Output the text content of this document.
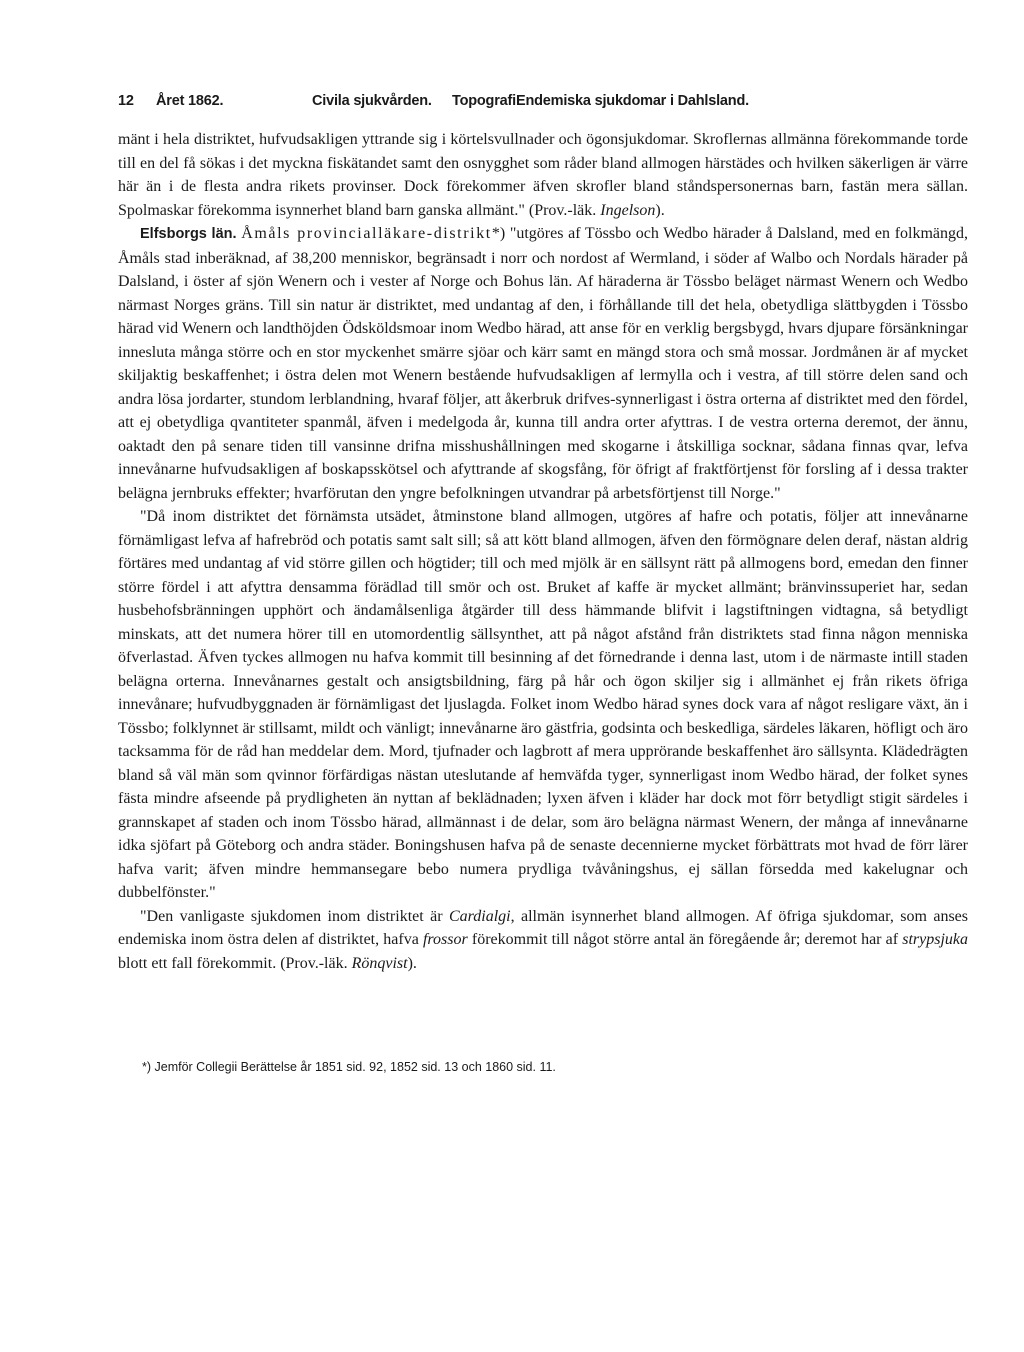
12 Året 1862.	Civila sjukvården. Topografi.
Endemiska sjukdomar i Dahlsland.

mänt i hela distriktet, hufvudsakligen yttrande sig i körtelsvullnader och ögonsjukdomar. Skroflernas allmänna förekommande torde till en del få sökas i det myckna fiskätandet samt den osnygghet som råder bland allmogen härstädes och hvilken säkerligen är värre här än i de flesta andra rikets provinser. Dock förekommer äfven skrofler bland ståndspersonernas barn, fastän mera sällan. Spolmaskar förekomma isynnerhet bland barn ganska allmänt." (Prov.-läk. Ingelson).

Elfsborgs län. Åmåls provincialläkare-distrikt*) "utgöres af Tössbo och Wedbo härader å Dalsland, med en folkmängd, Åmåls stad inberäknad, af 38,200 menniskor, begränsadt i norr och nordost af Wermland, i söder af Walbo och Nordals härader på Dalsland, i öster af sjön Wenern och i vester af Norge och Bohus län. Af häraderna är Tössbo beläget närmast Wenern och Wedbo närmast Norges gräns. Till sin natur är distriktet, med undantag af den, i förhållande till det hela, obetydliga slättbygden i Tössbo härad vid Wenern och landthöjden Ödsköldsmoar inom Wedbo härad, att anse för en verklig bergsbygd, hvars djupare försänkningar innesluta många större och en stor myckenhet smärre sjöar och kärr samt en mängd stora och små mossar. Jordmånen är af mycket skiljaktig beskaffenhet; i östra delen mot Wenern bestående hufvudsakligen af lermylla och i vestra, af till större delen sand och andra lösa jordarter, stundom lerblandning, hvaraf följer, att åkerbruk drifves-synnerligast i östra orterna af distriktet med den fördel, att ej obetydliga qvantiteter spanmål, äfven i medelgoda år, kunna till andra orter afyttras. I de vestra orterna deremot, der ännu, oaktadt den på senare tiden till vansinne drifna misshushållningen med skogarne i åtskilliga socknar, sådana finnas qvar, lefva innevånarne hufvudsakligen af boskapsskötsel och afyttrande af skogsfång, för öfrigt af fraktförtjenst för forsling af i dessa trakter belägna jernbruks effekter; hvarförutan den yngre befolkningen utvandrar på arbetsförtjenst till Norge."

"Då inom distriktet det förnämsta utsädet, åtminstone bland allmogen, utgöres af hafre och potatis, följer att innevånarne förnämligast lefva af hafrebröd och potatis samt salt sill; så att kött bland allmogen, äfven den förmögnare delen deraf, nästan aldrig förtäres med undantag af vid större gillen och högtider; till och med mjölk är en sällsynt rätt på allmogens bord, emedan den finner större fördel i att afyttra densamma förädlad till smör och ost. Bruket af kaffe är mycket allmänt; bränvinssuperiet har, sedan husbehofsbränningen upphört och ändamålsenliga åtgärder till dess hämmande blifvit i lagstiftningen vidtagna, så betydligt minskats, att det numera hörer till en utomordentlig sällsynthet, att på något afstånd från distriktets stad finna någon menniska öfverlastad. Äfven tyckes allmogen nu hafva kommit till besinning af det förnedrande i denna last, utom i de närmaste intill staden belägna orterna. Innevånarnes gestalt och ansigtsbildning, färg på hår och ögon skiljer sig i allmänhet ej från rikets öfriga innevånare; hufvudbyggnaden är förnämligast det ljuslagda. Folket inom Wedbo härad synes dock vara af något resligare växt, än i Tössbo; folklynnet är stillsamt, mildt och vänligt; innevånarne äro gästfria, godsinta och beskedliga, särdeles läkaren, höfligt och äro tacksamma för de råd han meddelar dem. Mord, tjufnader och lagbrott af mera upprörande beskaffenhet äro sällsynta. Klädedrägten bland så väl män som qvinnor förfärdigas nästan uteslutande af hemväfda tyger, synnerligast inom Wedbo härad, der folket synes fästa mindre afseende på prydligheten än nyttan af beklädnaden; lyxen äfven i kläder har dock mot förr betydligt stigit särdeles i grannskapet af staden och inom Tössbo härad, allmännast i de delar, som äro belägna närmast Wenern, der många af innevånarne idka sjöfart på Göteborg och andra städer. Boningshusen hafva på de senaste decennierne mycket förbättrats mot hvad de förr lärer hafva varit; äfven mindre hemmansegare bebo numera prydliga tvåvåningshus, ej sällan försedda med kakelugnar och dubbelfönster."

"Den vanligaste sjukdomen inom distriktet är Cardialgi, allmän isynnerhet bland allmogen. Af öfriga sjukdomar, som anses endemiska inom östra delen af distriktet, hafva frossor förekommit till något större antal än föregående år; deremot har af strypsjuka blott ett fall förekommit. (Prov.-läk. Rönqvist).

*) Jemför Collegii Berättelse år 1851 sid. 92, 1852 sid. 13 och 1860 sid. 11.
